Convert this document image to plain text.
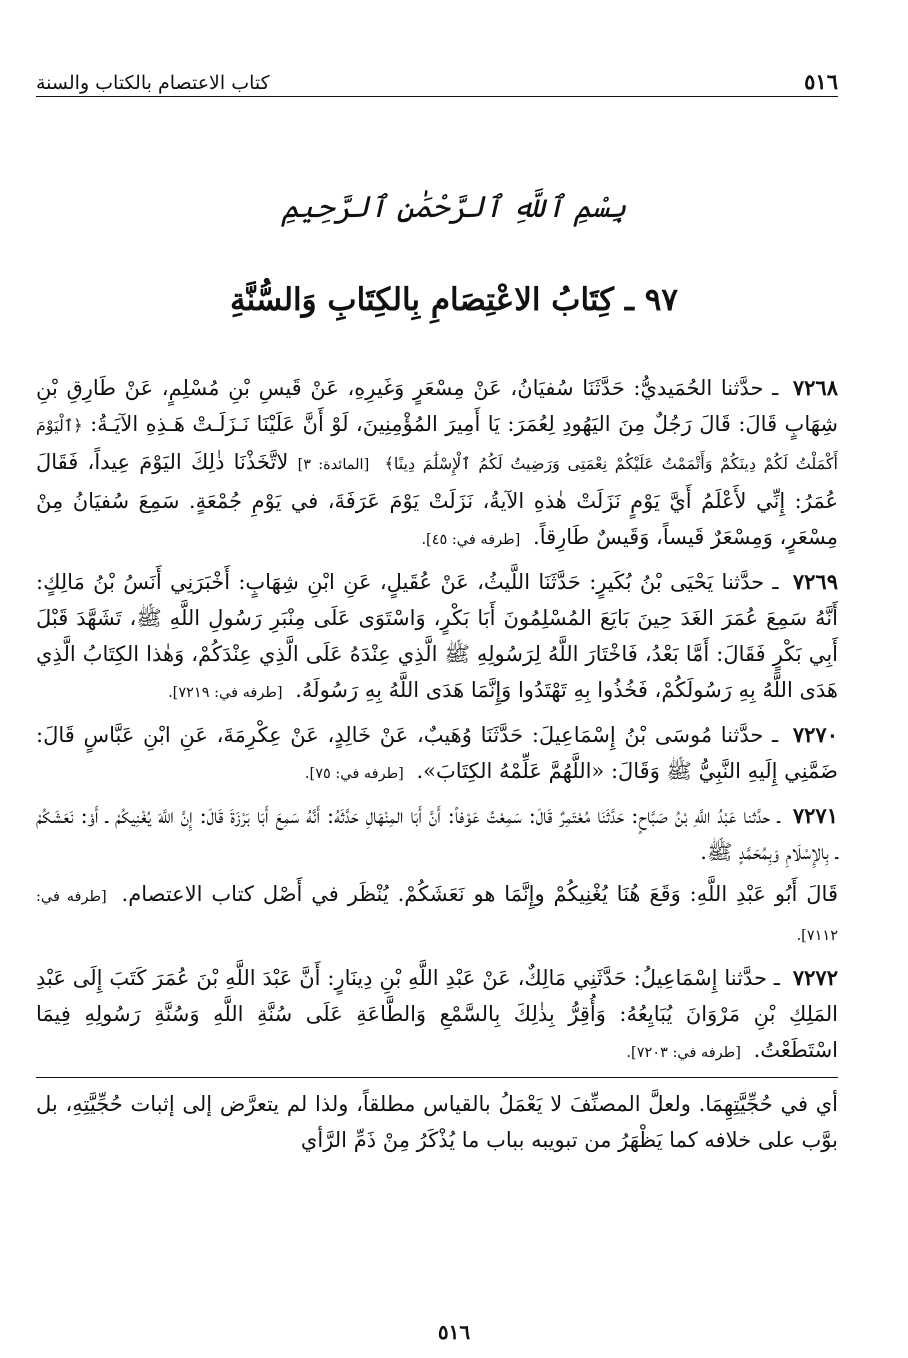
٥١٦
كتاب الاعتصام بالكتاب والسنة
بِسْمِ ٱللَّهِ ٱلرَّحْمَٰنِ ٱلرَّحِيمِ
٩٧ ـ كِتَابُ الاعْتِصَامِ بِالكِتَابِ وَالسُّنَّةِ

٧٢٦٨ ـ حدَّثنا الحُمَيديُّ: حَدَّثَنَا سُفيَانُ، عَنْ مِسْعَرٍ وَغَيرِهِ، عَنْ قَيسِ بْنِ مُسْلِمٍ، عَنْ طَارِقِ بْنِ شِهَابٍ قَالَ: قَالَ رَجُلٌ مِنَ اليَهُودِ لِعُمَرَ: يَا أَمِيرَ المُؤْمِنِينَ، لَوْ أَنَّ عَلَيْنَا نَـزَلَـتْ هَـذِهِ الآيَـةُ: ﴿ٱلْيَوْمَ أَكْمَلْتُ لَكُمْ دِينَكُمْ وَأَتْمَمْتُ عَلَيْكُمْ نِعْمَتِى وَرَضِيتُ لَكُمُ ٱلْإِسْلَٰمَ دِينًا﴾ [المائدة: ٣] لاتَّخَذْنَا ذٰلِكَ اليَوْمَ عِيداً، فَقَالَ عُمَرُ: إِنِّي لأَعْلَمُ أَيَّ يَوْمٍ نَزَلَتْ هٰذهِ الآيةُ، نَزَلَتْ يَوْمَ عَرَفَةَ، في يَوْمِ جُمْعَةٍ. سَمِعَ سُفيَانُ مِنْ مِسْعَرٍ، وَمِسْعَرٌ قَيساً، وَقَيسٌ طَارِقاً. [طرفه في: ٤٥].

٧٢٦٩ ـ حدَّثنا يَحْيَى بْنُ بُكَيرٍ: حَدَّثَنَا اللَّيثُ، عَنْ عُقَيلٍ، عَنِ ابْنِ شِهَابٍ: أَخْبَرَنِي أَنَسُ بْنُ مَالِكٍ: أَنَّهُ سَمِعَ عُمَرَ الغَدَ حِينَ بَايَعَ المُسْلِمُونَ أَبَا بَكْرٍ، وَاسْتَوَى عَلَى مِنْبَرِ رَسُولِ اللَّهِ ﷺ، تَشَهَّدَ قَبْلَ أَبِي بَكْرٍ فَقَالَ: أَمَّا بَعْدُ، فَاخْتَارَ اللَّهُ لِرَسُولِهِ ﷺ الَّذِي عِنْدَهُ عَلَى الَّذِي عِنْدَكُمْ، وَهٰذا الكِتَابُ الَّذِي هَدَى اللَّهُ بِهِ رَسُولَكُمْ، فَخُذُوا بِهِ تَهْتَدُوا وَإِنَّمَا هَدَى اللَّهُ بِهِ رَسُولَهُ. [طرفه في: ٧٢١٩].

٧٢٧٠ ـ حدَّثنا مُوسَى بْنُ إِسْمَاعِيلَ: حَدَّثَنَا وُهَيبٌ، عَنْ خَالِدٍ، عَنْ عِكْرِمَةَ، عَنِ ابْنِ عَبَّاسٍ قَالَ: ضَمَّنِي إِلَيهِ النَّبِيُّ ﷺ وَقَالَ: «اللَّهُمَّ عَلِّمْهُ الكِتَابَ». [طرفه في: ٧٥].

٧٢٧١ ـ حدَّثنا عَبْدُ اللَّهِ بْنُ صَبَّاحٍ: حَدَّثَنَا مُعْتَمِرٌ قَالَ: سَمِعْتُ عَوْفاً: أَنَّ أَبَا المِنْهَالِ حَدَّثَهُ: أَنَّهُ سَمِعَ أَبَا بَرْزَةَ قَالَ: إِنَّ اللَّهَ يُغْنِيكُمْ ـ أَوْ: نَعَشَكُمْ ـ بِالإِسْلَامِ وَبِمُحَمَّدٍ ﷺ.

قَالَ أَبُو عَبْدِ اللَّهِ: وَقَعَ هُنَا يُغْنِيكُمْ وإِنَّمَا هو نَعَشَكُمْ. يُنْظَر في أَصْل كتاب الاعتصام. [طرفه في: ٧١١٢].

٧٢٧٢ ـ حدَّثنا إِسْمَاعِيلُ: حَدَّثَنِي مَالِكٌ، عَنْ عَبْدِ اللَّهِ بْنِ دِينَارٍ: أَنَّ عَبْدَ اللَّهِ بْنَ عُمَرَ كَتَبَ إِلَى عَبْدِ المَلِكِ بْنِ مَرْوَانَ يُبَايِعُهُ: وَأُقِرُّ بِذٰلِكَ بِالسَّمْعِ وَالطَّاعَةِ عَلَى سُنَّةِ اللَّهِ وَسُنَّةِ رَسُولِهِ فِيمَا اسْتَطَعْتُ. [طرفه في: ٧٢٠٣].

أي في حُجِّيَّتِهِمَا. ولعلَّ المصنِّفَ لا يَعْمَلُ بالقياس مطلقاً، ولذا لم يتعرَّض إلى إثبات حُجِّيَّتِهِ، بل بوَّب على خلافه كما يَظْهَرُ من تبويبه بباب ما يُذْكَرُ مِنْ ذَمِّ الرَّأي

٥١٦
